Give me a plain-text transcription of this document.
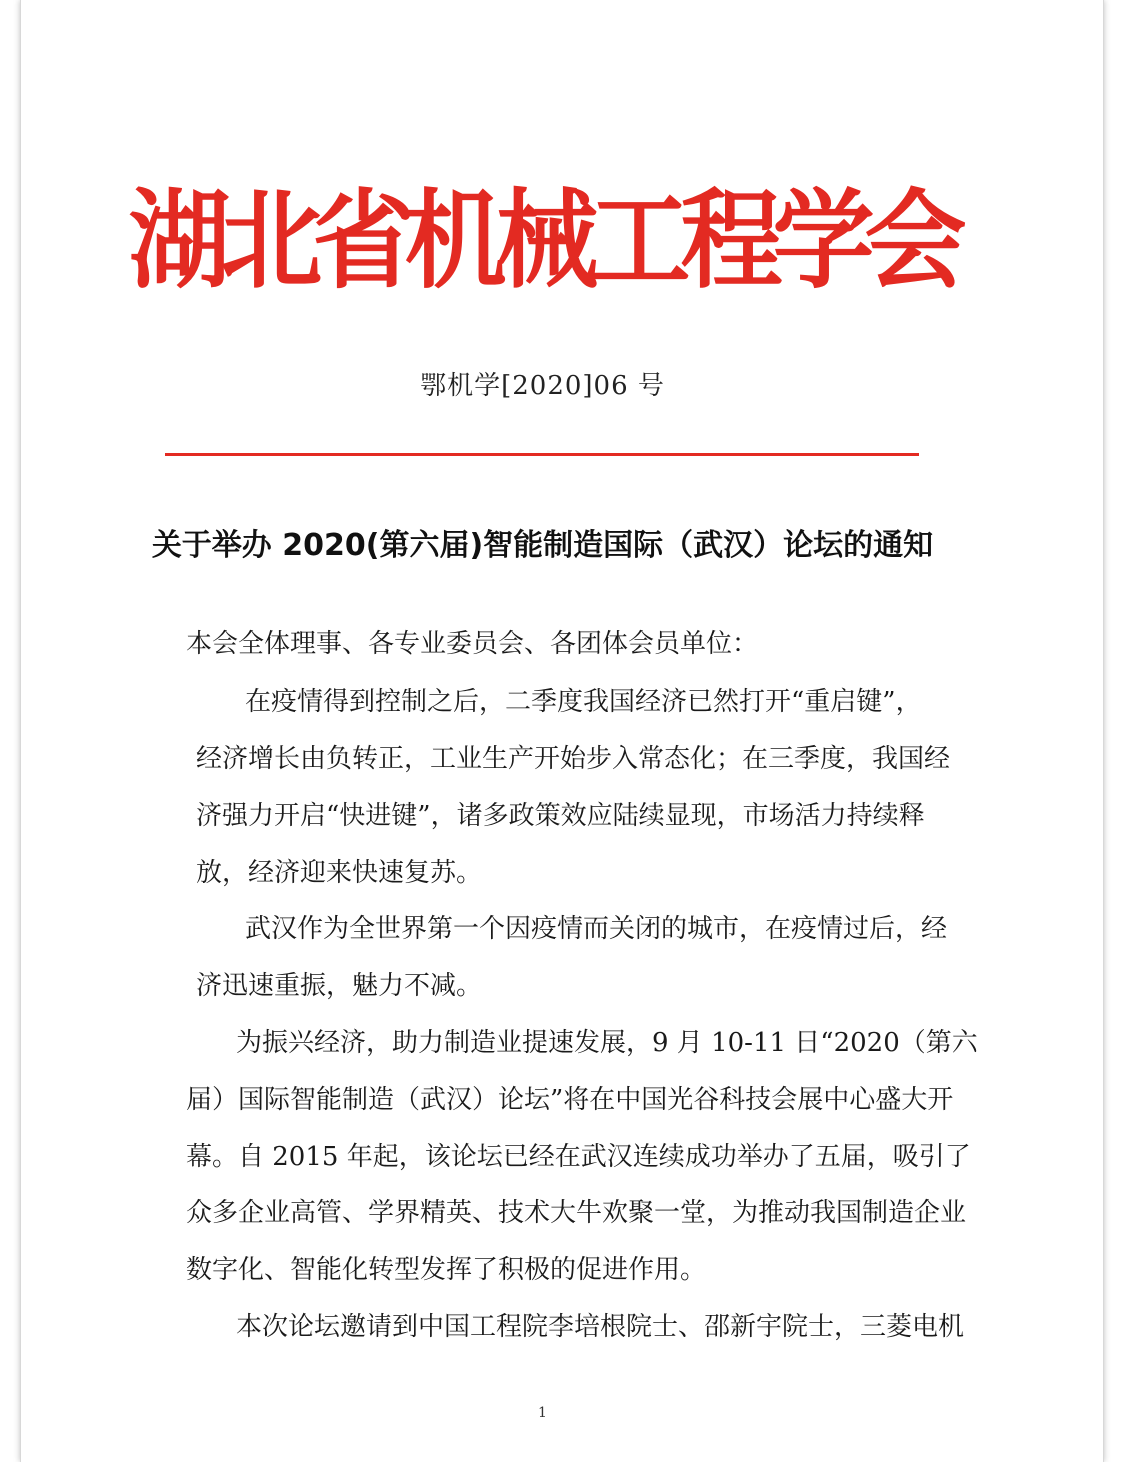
湖北省机械工程学会
鄂机学[2020]06 号
关于举办 2020(第六届)智能制造国际（武汉）论坛的通知
本会全体理事、各专业委员会、各团体会员单位：
在疫情得到控制之后，二季度我国经济已然打开“重启键”，
经济增长由负转正，工业生产开始步入常态化；在三季度，我国经
济强力开启“快进键”，诸多政策效应陆续显现，市场活力持续释
放，经济迎来快速复苏。
武汉作为全世界第一个因疫情而关闭的城市，在疫情过后，经
济迅速重振，魅力不减。
为振兴经济，助力制造业提速发展，9 月 10-11 日“2020（第六
届）国际智能制造（武汉）论坛”将在中国光谷科技会展中心盛大开
幕。自 2015 年起，该论坛已经在武汉连续成功举办了五届，吸引了
众多企业高管、学界精英、技术大牛欢聚一堂，为推动我国制造企业
数字化、智能化转型发挥了积极的促进作用。
本次论坛邀请到中国工程院李培根院士、邵新宇院士，三菱电机
1
